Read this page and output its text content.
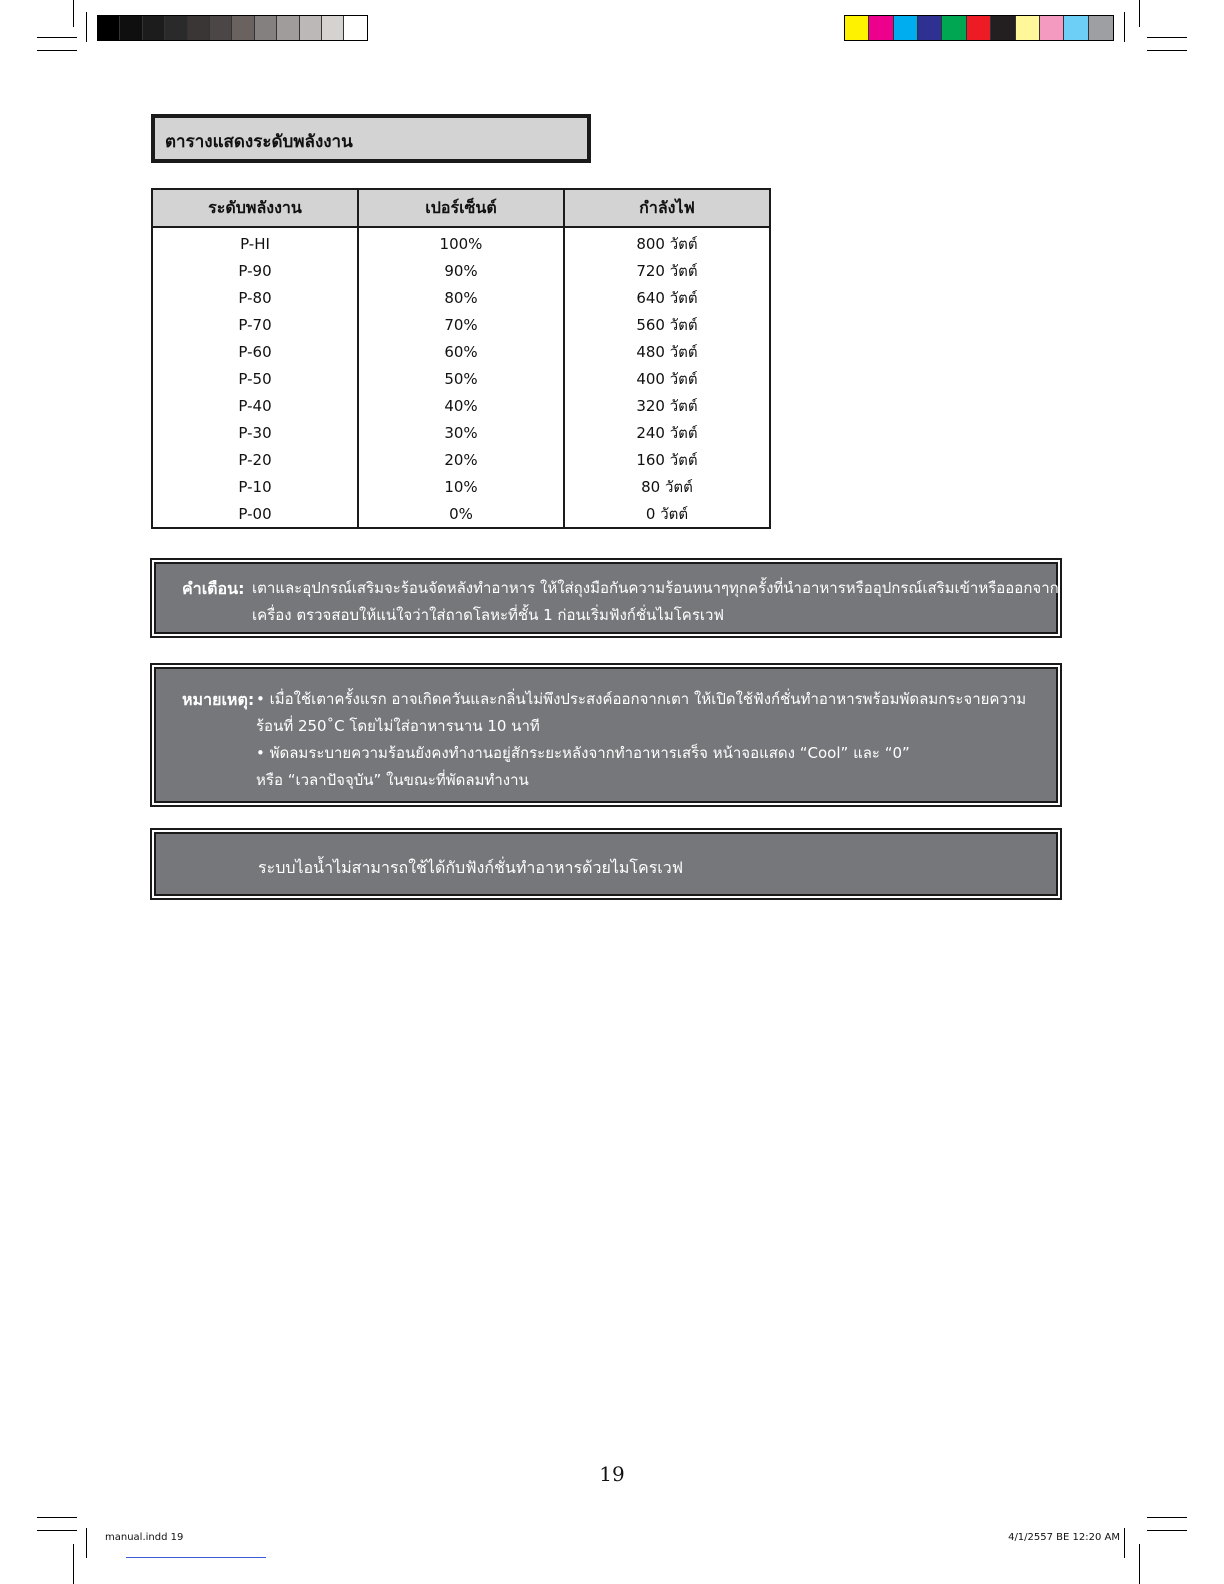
ตารางแสดงระดับพลังงาน
ระดับพลังงาน	เปอร์เซ็นต์	กำลังไฟ
P-HI	100%	800 วัตต์
P-90	90%	720 วัตต์
P-80	80%	640 วัตต์
P-70	70%	560 วัตต์
P-60	60%	480 วัตต์
P-50	50%	400 วัตต์
P-40	40%	320 วัตต์
P-30	30%	240 วัตต์
P-20	20%	160 วัตต์
P-10	10%	80 วัตต์
P-00	0%	0 วัตต์
คำเตือน: เตาและอุปกรณ์เสริมจะร้อนจัดหลังทำอาหาร ให้ใส่ถุงมือกันความร้อนหนาๆทุกครั้งที่นำอาหารหรืออุปกรณ์เสริมเข้าหรือออกจาก
เครื่อง ตรวจสอบให้แน่ใจว่าใส่ถาดโลหะที่ชั้น 1 ก่อนเริ่มฟังก์ชั่นไมโครเวฟ
หมายเหตุ: • เมื่อใช้เตาครั้งแรก อาจเกิดควันและกลิ่นไม่พึงประสงค์ออกจากเตา ให้เปิดใช้ฟังก์ชั่นทำอาหารพร้อมพัดลมกระจายความ
ร้อนที่ 250˚C โดยไม่ใส่อาหารนาน 10 นาที
• พัดลมระบายความร้อนยังคงทำงานอยู่สักระยะหลังจากทำอาหารเสร็จ หน้าจอแสดง “Cool” และ “0”
หรือ “เวลาปัจจุบัน” ในขณะที่พัดลมทำงาน
ระบบไอน้ำไม่สามารถใช้ได้กับฟังก์ชั่นทำอาหารด้วยไมโครเวฟ
19
manual.indd 19	4/1/2557 BE 12:20 AM
